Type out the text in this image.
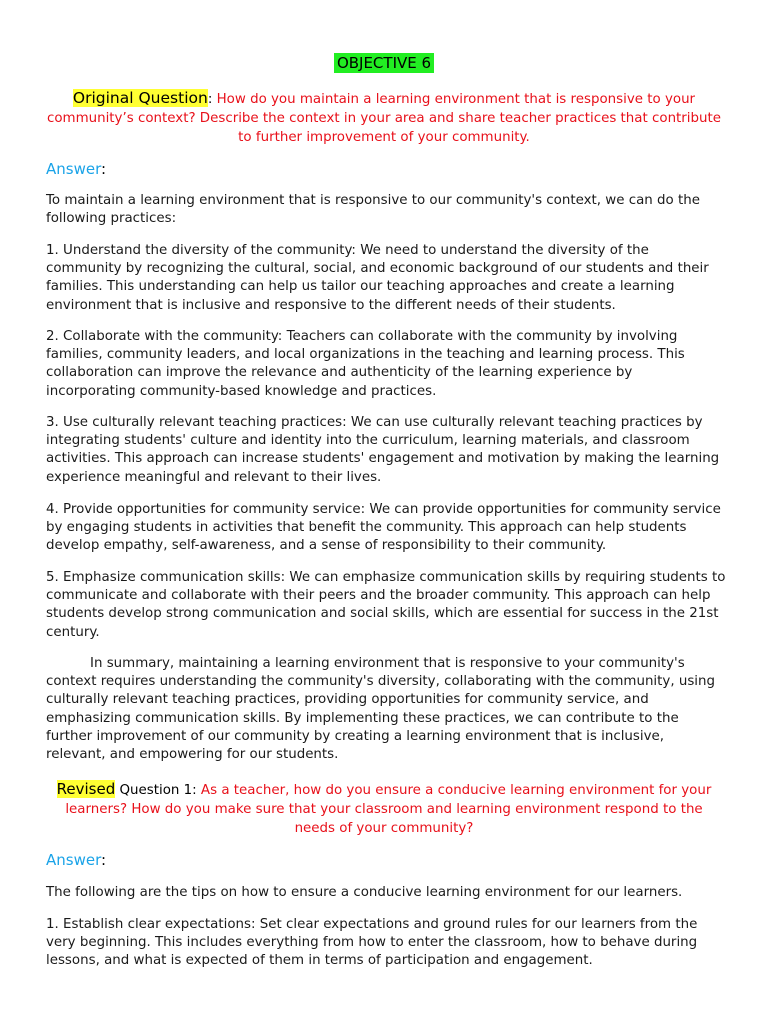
OBJECTIVE 6
Original Question: How do you maintain a learning environment that is responsive to your community’s context? Describe the context in your area and share teacher practices that contribute to further improvement of your community.
Answer:

To maintain a learning environment that is responsive to our community's context, we can do the following practices:

1. Understand the diversity of the community: We need to understand the diversity of the community by recognizing the cultural, social, and economic background of our students and their families. This understanding can help us tailor our teaching approaches and create a learning environment that is inclusive and responsive to the different needs of their students.

2. Collaborate with the community: Teachers can collaborate with the community by involving families, community leaders, and local organizations in the teaching and learning process. This collaboration can improve the relevance and authenticity of the learning experience by incorporating community-based knowledge and practices.

3. Use culturally relevant teaching practices: We can use culturally relevant teaching practices by integrating students' culture and identity into the curriculum, learning materials, and classroom activities. This approach can increase students' engagement and motivation by making the learning experience meaningful and relevant to their lives.

4. Provide opportunities for community service: We can provide opportunities for community service by engaging students in activities that benefit the community. This approach can help students develop empathy, self-awareness, and a sense of responsibility to their community.

5. Emphasize communication skills: We can emphasize communication skills by requiring students to communicate and collaborate with their peers and the broader community. This approach can help students develop strong communication and social skills, which are essential for success in the 21st century.

In summary, maintaining a learning environment that is responsive to your community's context requires understanding the community's diversity, collaborating with the community, using culturally relevant teaching practices, providing opportunities for community service, and emphasizing communication skills. By implementing these practices, we can contribute to the further improvement of our community by creating a learning environment that is inclusive, relevant, and empowering for our students.

Revised Question 1: As a teacher, how do you ensure a conducive learning environment for your learners? How do you make sure that your classroom and learning environment respond to the needs of your community?
Answer:

The following are the tips on how to ensure a conducive learning environment for our learners.

1. Establish clear expectations: Set clear expectations and ground rules for our learners from the very beginning. This includes everything from how to enter the classroom, how to behave during lessons, and what is expected of them in terms of participation and engagement.
